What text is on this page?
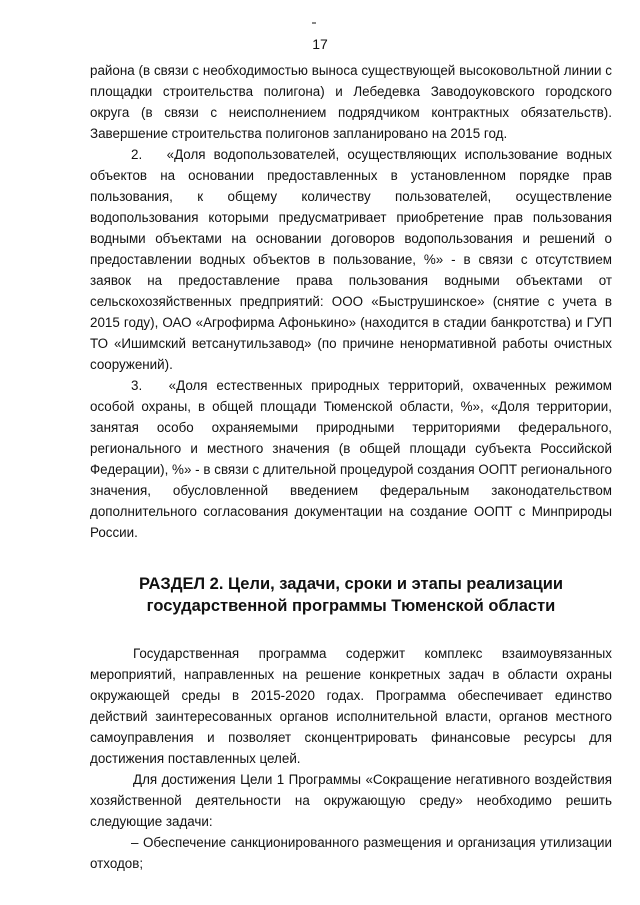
17

района (в связи с необходимостью выноса существующей высоковольтной линии с площадки строительства полигона) и Лебедевка Заводоуковского городского округа (в связи с неисполнением подрядчиком контрактных обязательств). Завершение строительства полигонов запланировано на 2015 год.

2. «Доля водопользователей, осуществляющих использование водных объектов на основании предоставленных в установленном порядке прав пользования, к общему количеству пользователей, осуществление водопользования которыми предусматривает приобретение прав пользования водными объектами на основании договоров водопользования и решений о предоставлении водных объектов в пользование, %» - в связи с отсутствием заявок на предоставление права пользования водными объектами от сельскохозяйственных предприятий: ООО «Быструшинское» (снятие с учета в 2015 году), ОАО «Агрофирма Афонькино» (находится в стадии банкротства) и ГУП ТО «Ишимский ветсанутильзавод» (по причине ненормативной работы очистных сооружений).

3. «Доля естественных природных территорий, охваченных режимом особой охраны, в общей площади Тюменской области, %», «Доля территории, занятая особо охраняемыми природными территориями федерального, регионального и местного значения (в общей площади субъекта Российской Федерации), %» - в связи с длительной процедурой создания ООПТ регионального значения, обусловленной введением федеральным законодательством дополнительного согласования документации на создание ООПТ с Минприроды России.

РАЗДЕЛ 2. Цели, задачи, сроки и этапы реализации
государственной программы Тюменской области

Государственная программа содержит комплекс взаимоувязанных мероприятий, направленных на решение конкретных задач в области охраны окружающей среды в 2015-2020 годах. Программа обеспечивает единство действий заинтересованных органов исполнительной власти, органов местного самоуправления и позволяет сконцентрировать финансовые ресурсы для достижения поставленных целей.

Для достижения Цели 1 Программы «Сокращение негативного воздействия хозяйственной деятельности на окружающую среду» необходимо решить следующие задачи:

– Обеспечение санкционированного размещения и организация утилизации отходов;
